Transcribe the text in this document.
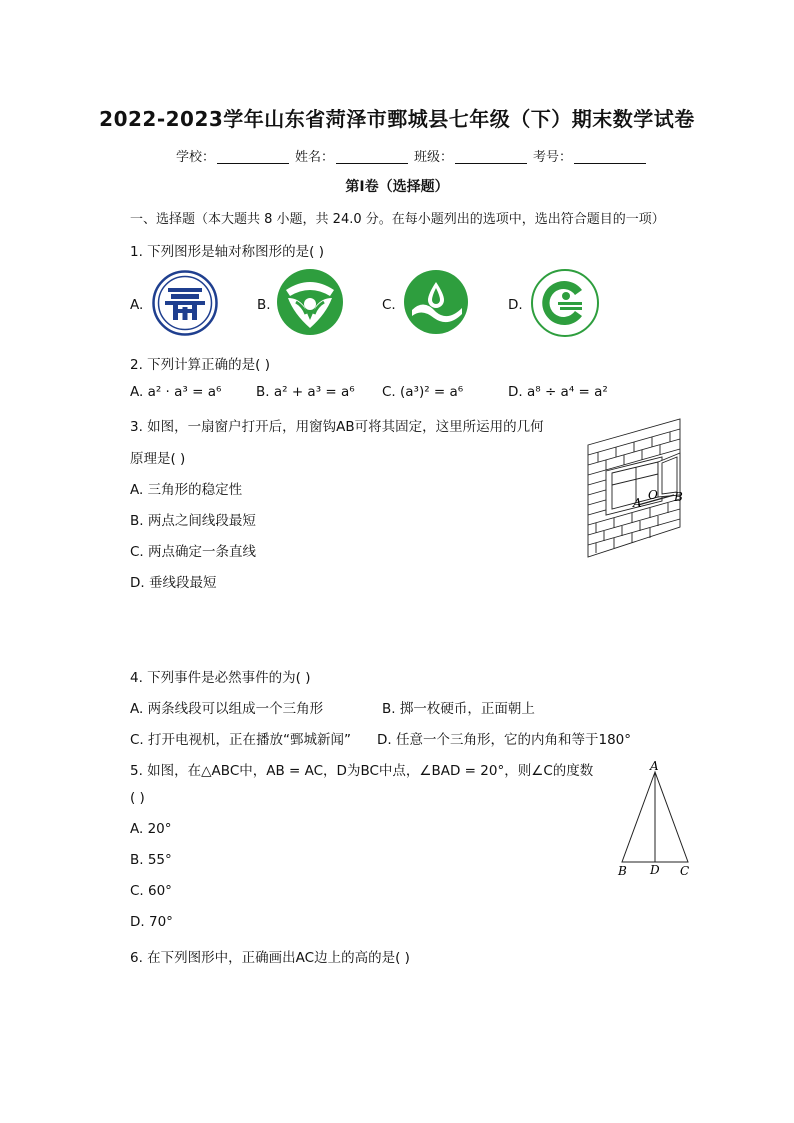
2022-2023学年山东省菏泽市鄄城县七年级（下）期末数学试卷
学校：	姓名：	班级：	考号：
第I卷（选择题）
一、选择题（本大题共 8 小题，共 24.0 分。在每小题列出的选项中，选出符合题目的一项）
1. 下列图形是轴对称图形的是( )
A.	B.	C.	D.
2. 下列计算正确的是( )
A. a² · a³ = a⁶	B. a² + a³ = a⁶ C. (a³)² = a⁶	D. a⁸ ÷ a⁴ = a²
3. 如图，一扇窗户打开后，用窗钩AB可将其固定，这里所运用的几何
原理是( )
A. 三角形的稳定性
B. 两点之间线段最短
C. 两点确定一条直线
D. 垂线段最短
A
O B
4. 下列事件是必然事件的为( )
A. 两条线段可以组成一个三角形	B. 掷一枚硬币，正面朝上
C. 打开电视机，正在播放“鄄城新闻” D. 任意一个三角形，它的内角和等于180°
5. 如图，在△ABC中，AB = AC，D为BC中点，∠BAD = 20°，则∠C的度数
( )
A. 20°
B. 55°
C. 60°
D. 70°
A
B D C
6. 在下列图形中，正确画出AC边上的高的是( )
